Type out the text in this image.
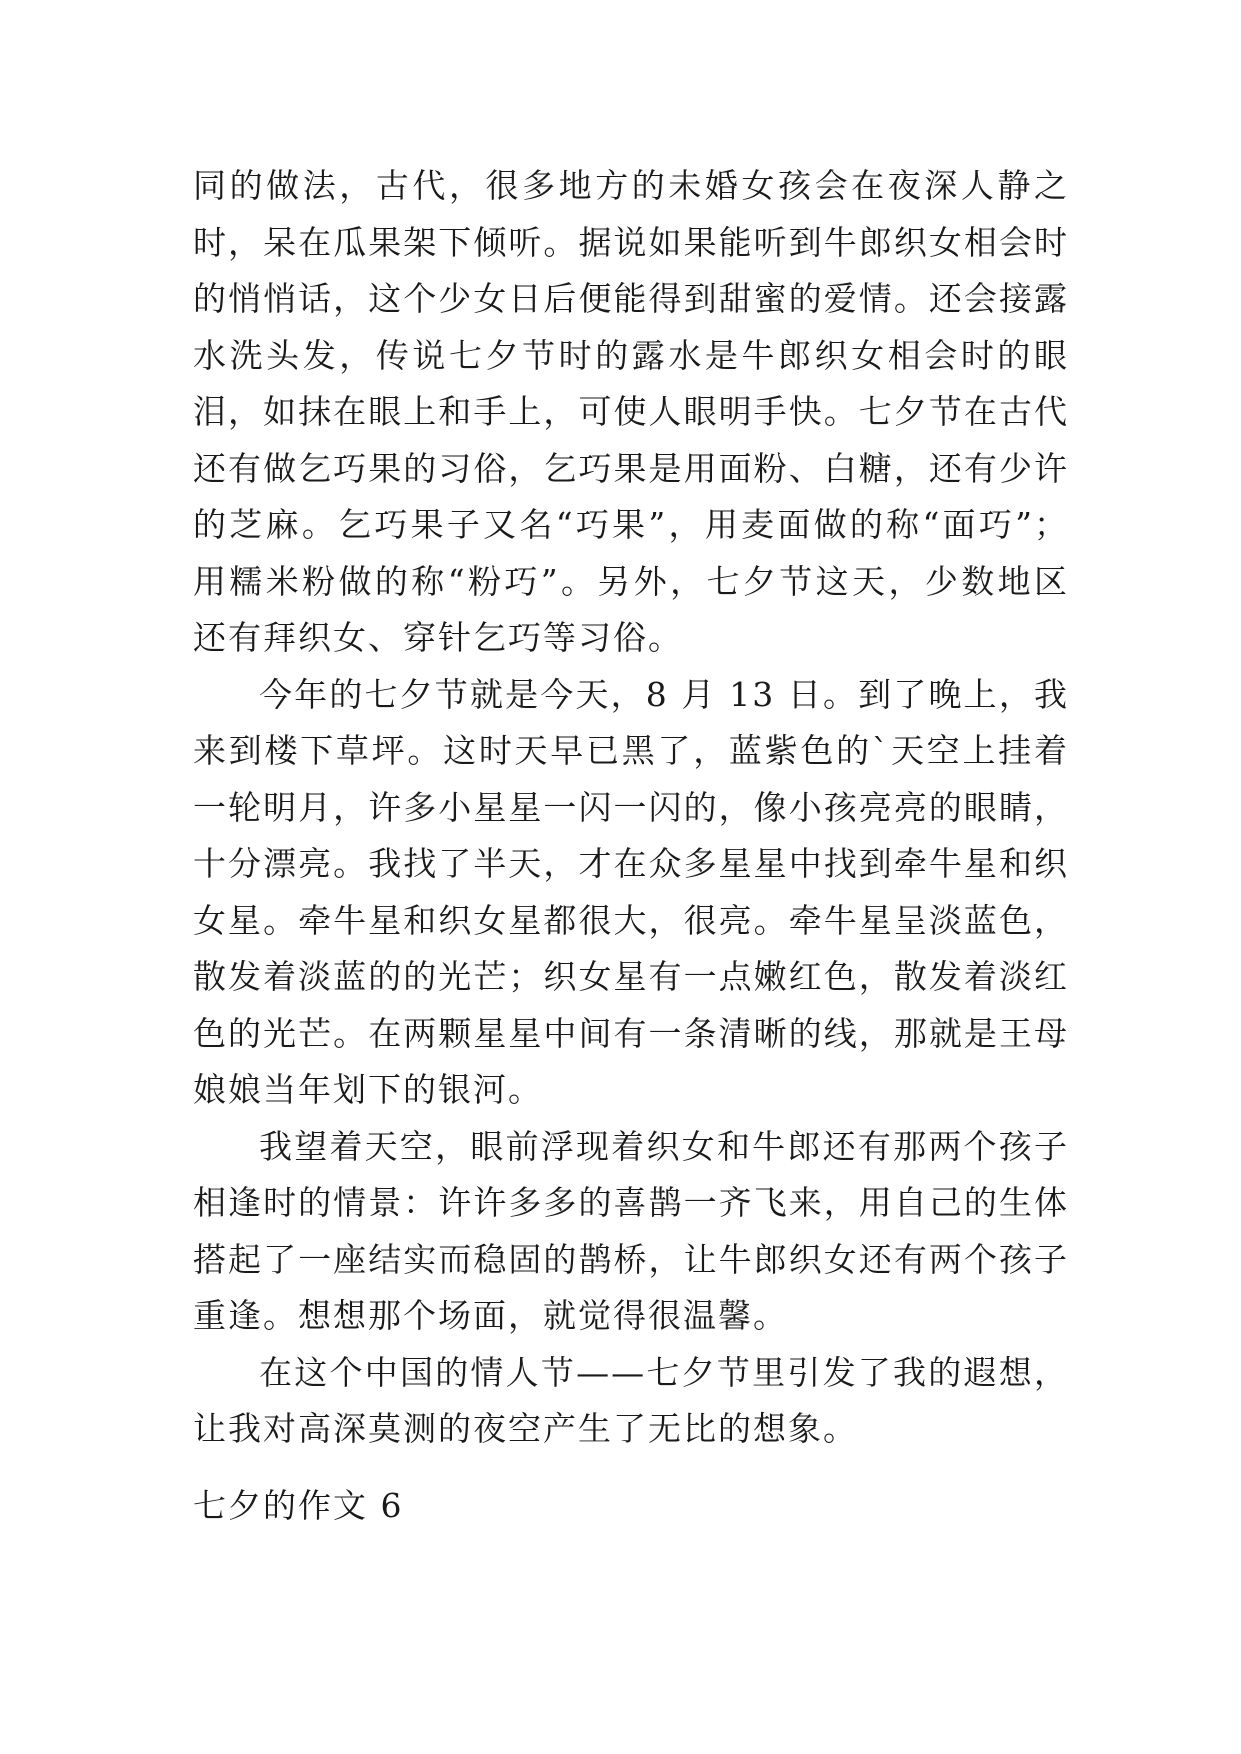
同的做法，古代，很多地方的未婚女孩会在夜深人静之时，呆在瓜果架下倾听。据说如果能听到牛郎织女相会时的悄悄话，这个少女日后便能得到甜蜜的爱情。还会接露水洗头发，传说七夕节时的露水是牛郎织女相会时的眼泪，如抹在眼上和手上，可使人眼明手快。七夕节在古代还有做乞巧果的习俗，乞巧果是用面粉、白糖，还有少许的芝麻。乞巧果子又名“巧果”，用麦面做的称“面巧”；用糯米粉做的称“粉巧”。另外，七夕节这天，少数地区还有拜织女、穿针乞巧等习俗。

今年的七夕节就是今天，8 月 13 日。到了晚上，我来到楼下草坪。这时天早已黑了，蓝紫色的`天空上挂着一轮明月，许多小星星一闪一闪的，像小孩亮亮的眼睛，十分漂亮。我找了半天，才在众多星星中找到牵牛星和织女星。牵牛星和织女星都很大，很亮。牵牛星呈淡蓝色，散发着淡蓝的的光芒；织女星有一点嫩红色，散发着淡红色的光芒。在两颗星星中间有一条清晰的线，那就是王母娘娘当年划下的银河。

我望着天空，眼前浮现着织女和牛郎还有那两个孩子相逢时的情景：许许多多的喜鹊一齐飞来，用自己的生体搭起了一座结实而稳固的鹊桥，让牛郎织女还有两个孩子重逢。想想那个场面，就觉得很温馨。

在这个中国的情人节——七夕节里引发了我的遐想，让我对高深莫测的夜空产生了无比的想象。

七夕的作文 6
